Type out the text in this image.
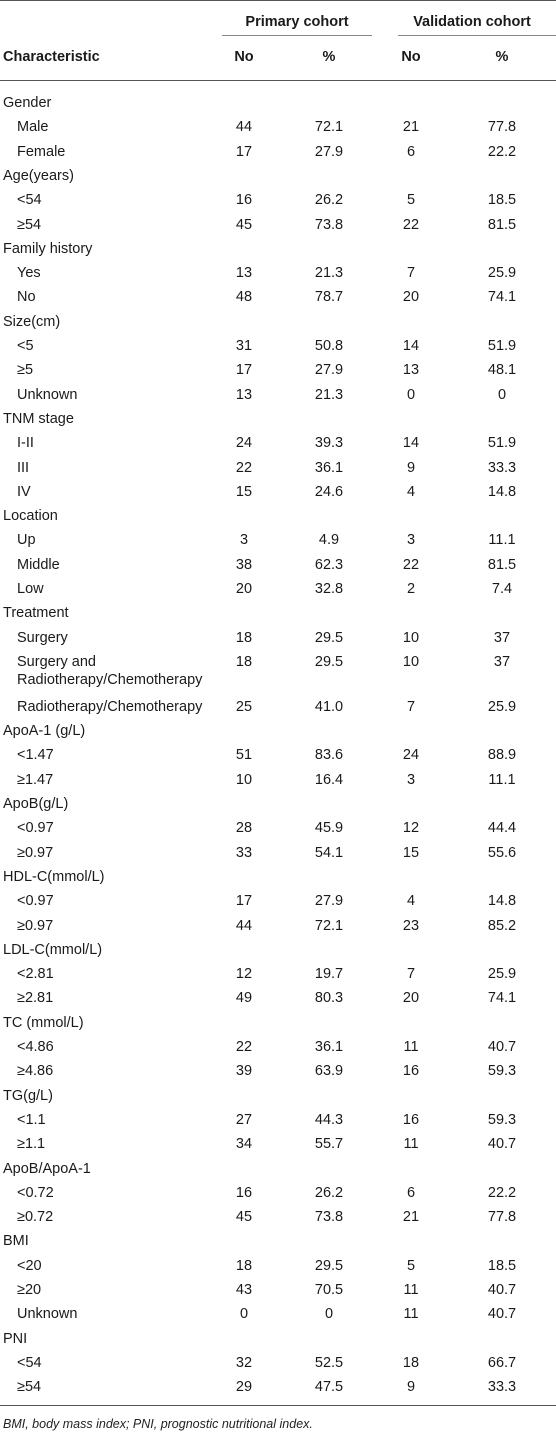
Primary cohort	Validation cohort
Characteristic	No	%	No	%
Gender
Male	44	72.1	21	77.8
Female	17	27.9	6	22.2
Age(years)
<54	16	26.2	5	18.5
≥54	45	73.8	22	81.5
Family history
Yes	13	21.3	7	25.9
No	48	78.7	20	74.1
Size(cm)
<5	31	50.8	14	51.9
≥5	17	27.9	13	48.1
Unknown	13	21.3	0	0
TNM stage
I-II	24	39.3	14	51.9
III	22	36.1	9	33.3
IV	15	24.6	4	14.8
Location
Up	3	4.9	3	11.1
Middle	38	62.3	22	81.5
Low	20	32.8	2	7.4
Treatment
Surgery	18	29.5	10	37
Surgery and
Radiotherapy/Chemotherapy
18	29.5	10	37
Radiotherapy/Chemotherapy	25	41.0	7	25.9
ApoA-1 (g/L)
<1.47	51	83.6	24	88.9
≥1.47	10	16.4	3	11.1
ApoB(g/L)
<0.97	28	45.9	12	44.4
≥0.97	33	54.1	15	55.6
HDL-C(mmol/L)
<0.97	17	27.9	4	14.8
≥0.97	44	72.1	23	85.2
LDL-C(mmol/L)
<2.81	12	19.7	7	25.9
≥2.81	49	80.3	20	74.1
TC (mmol/L)
<4.86	22	36.1	11	40.7
≥4.86	39	63.9	16	59.3
TG(g/L)
<1.1	27	44.3	16	59.3
≥1.1	34	55.7	11	40.7
ApoB/ApoA-1
<0.72	16	26.2	6	22.2
≥0.72	45	73.8	21	77.8
BMI
<20	18	29.5	5	18.5
≥20	43	70.5	11	40.7
Unknown	0	0	11	40.7
PNI
<54	32	52.5	18	66.7
≥54	29	47.5	9	33.3
BMI, body mass index; PNI, prognostic nutritional index.
